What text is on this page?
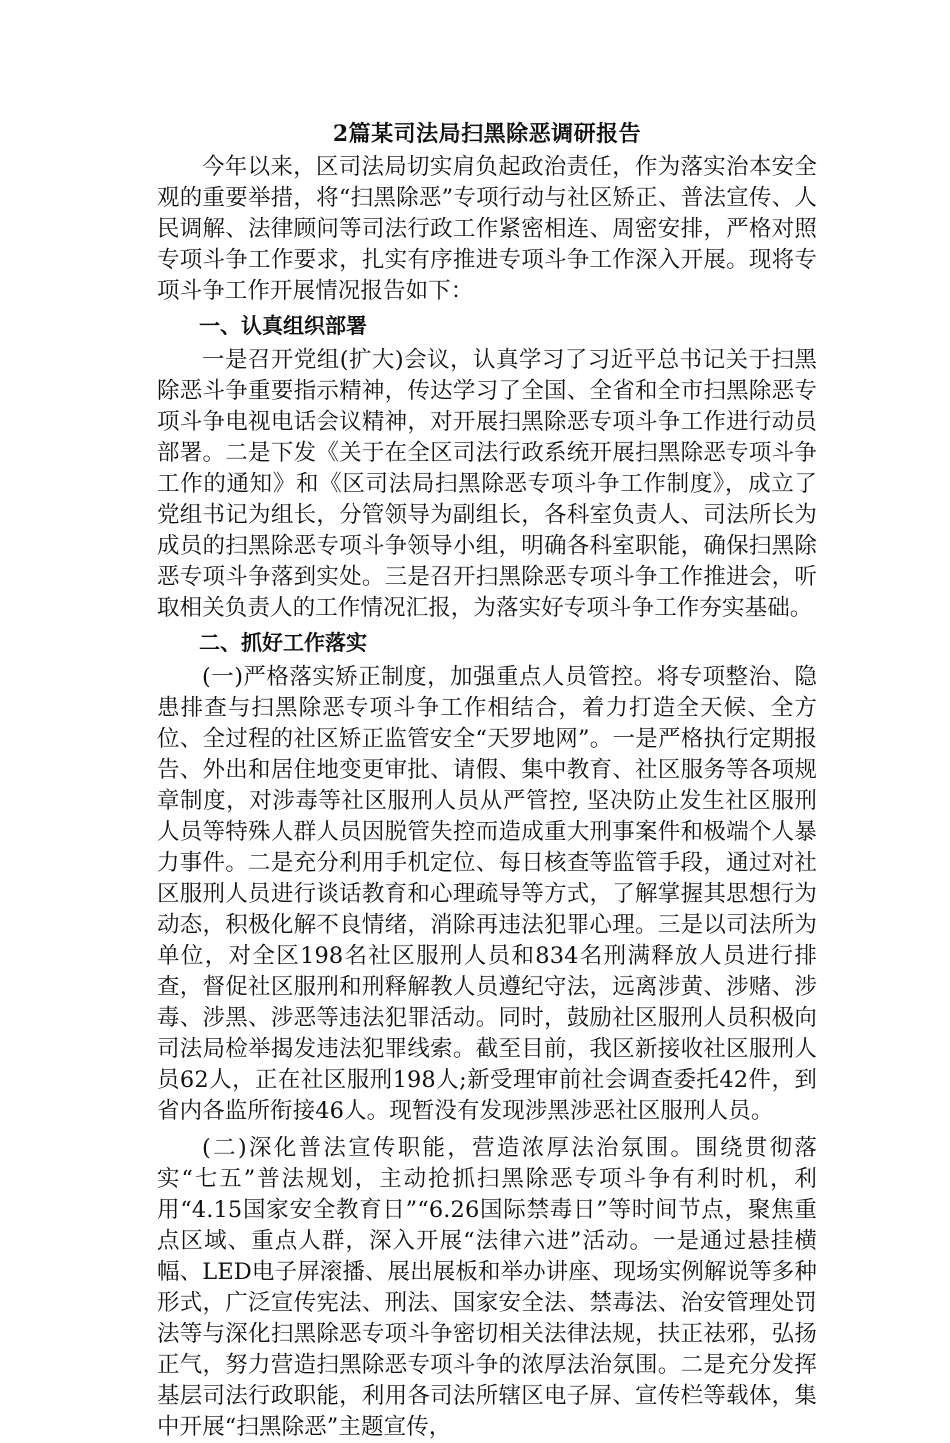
2篇某司法局扫黑除恶调研报告

今年以来，区司法局切实肩负起政治责任，作为落实治本安全观的重要举措，将“扫黑除恶”专项行动与社区矫正、普法宣传、人民调解、法律顾问等司法行政工作紧密相连、周密安排，严格对照专项斗争工作要求，扎实有序推进专项斗争工作深入开展。现将专项斗争工作开展情况报告如下：

一、认真组织部署

一是召开党组(扩大)会议，认真学习了习近平总书记关于扫黑除恶斗争重要指示精神，传达学习了全国、全省和全市扫黑除恶专项斗争电视电话会议精神，对开展扫黑除恶专项斗争工作进行动员部署。二是下发《关于在全区司法行政系统开展扫黑除恶专项斗争工作的通知》和《区司法局扫黑除恶专项斗争工作制度》，成立了党组书记为组长，分管领导为副组长，各科室负责人、司法所长为成员的扫黑除恶专项斗争领导小组，明确各科室职能，确保扫黑除恶专项斗争落到实处。三是召开扫黑除恶专项斗争工作推进会，听取相关负责人的工作情况汇报，为落实好专项斗争工作夯实基础。

二、抓好工作落实

(一)严格落实矫正制度，加强重点人员管控。将专项整治、隐患排查与扫黑除恶专项斗争工作相结合，着力打造全天候、全方位、全过程的社区矫正监管安全“天罗地网”。一是严格执行定期报告、外出和居住地变更审批、请假、集中教育、社区服务等各项规章制度，对涉毒等社区服刑人员从严管控, 坚决防止发生社区服刑人员等特殊人群人员因脱管失控而造成重大刑事案件和极端个人暴力事件。二是充分利用手机定位、每日核查等监管手段，通过对社区服刑人员进行谈话教育和心理疏导等方式，了解掌握其思想行为动态，积极化解不良情绪，消除再违法犯罪心理。三是以司法所为单位，对全区198名社区服刑人员和834名刑满释放人员进行排查，督促社区服刑和刑释解教人员遵纪守法，远离涉黄、涉赌、涉毒、涉黑、涉恶等违法犯罪活动。同时，鼓励社区服刑人员积极向司法局检举揭发违法犯罪线索。截至目前，我区新接收社区服刑人员62人，正在社区服刑198人;新受理审前社会调查委托42件，到省内各监所衔接46人。现暂没有发现涉黑涉恶社区服刑人员。

(二)深化普法宣传职能，营造浓厚法治氛围。围绕贯彻落实“七五”普法规划，主动抢抓扫黑除恶专项斗争有利时机，利用“4.15国家安全教育日”“6.26国际禁毒日”等时间节点，聚焦重点区域、重点人群，深入开展“法律六进”活动。一是通过悬挂横幅、LED电子屏滚播、展出展板和举办讲座、现场实例解说等多种形式，广泛宣传宪法、刑法、国家安全法、禁毒法、治安管理处罚法等与深化扫黑除恶专项斗争密切相关法律法规，扶正祛邪，弘扬正气，努力营造扫黑除恶专项斗争的浓厚法治氛围。二是充分发挥基层司法行政职能，利用各司法所辖区电子屏、宣传栏等载体，集中开展“扫黑除恶”主题宣传，
